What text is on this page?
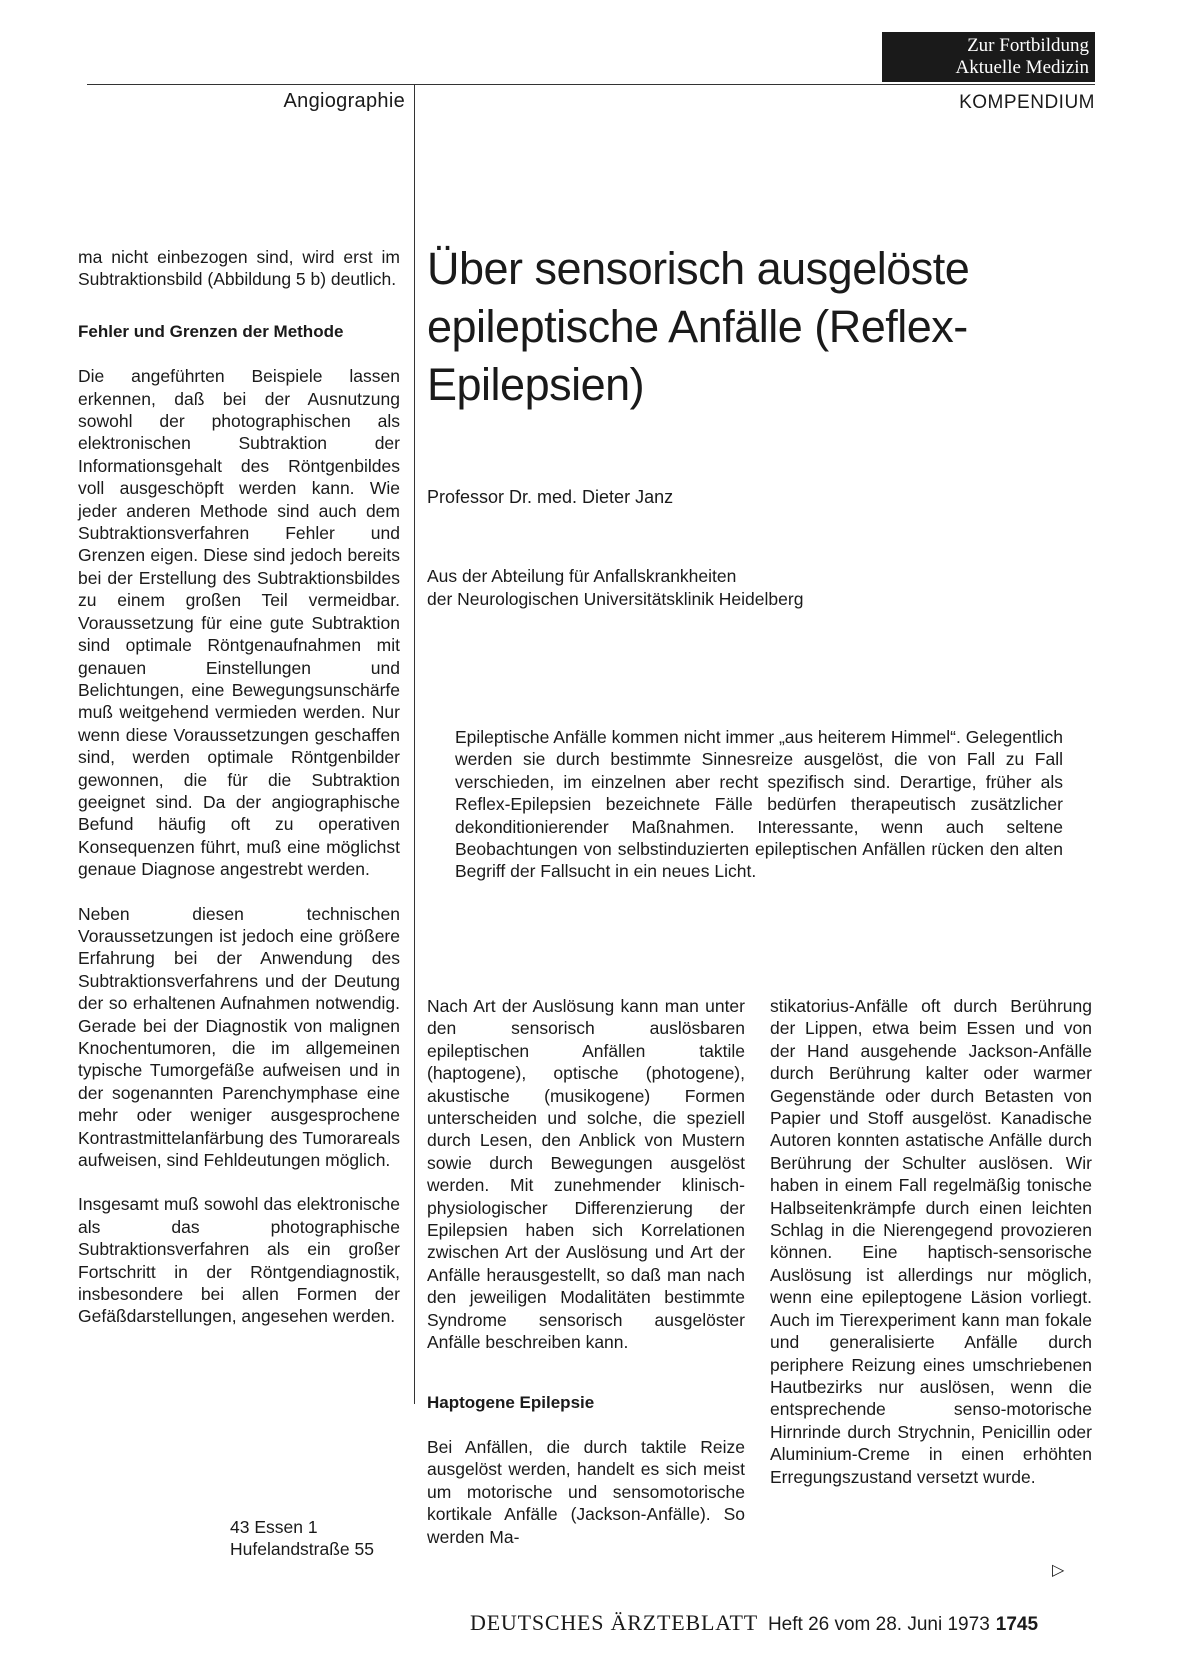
Zur Fortbildung
Aktuelle Medizin
Angiographie	KOMPENDIUM

ma nicht einbezogen sind, wird erst im Subtraktionsbild (Abbildung 5 b) deutlich.

Fehler und Grenzen der Methode

Die angeführten Beispiele lassen erkennen, daß bei der Ausnutzung sowohl der photographischen als elektronischen Subtraktion der Informationsgehalt des Röntgenbildes voll ausgeschöpft werden kann. Wie jeder anderen Methode sind auch dem Subtraktionsverfahren Fehler und Grenzen eigen. Diese sind jedoch bereits bei der Erstellung des Subtraktionsbildes zu einem großen Teil vermeidbar. Voraussetzung für eine gute Subtraktion sind optimale Röntgenaufnahmen mit genauen Einstellungen und Belichtungen, eine Bewegungsunschärfe muß weitgehend vermieden werden. Nur wenn diese Voraussetzungen geschaffen sind, werden optimale Röntgenbilder gewonnen, die für die Subtraktion geeignet sind. Da der angiographische Befund häufig oft zu operativen Konsequenzen führt, muß eine möglichst genaue Diagnose angestrebt werden.

Neben diesen technischen Voraussetzungen ist jedoch eine größere Erfahrung bei der Anwendung des Subtraktionsverfahrens und der Deutung der so erhaltenen Aufnahmen notwendig. Gerade bei der Diagnostik von malignen Knochentumoren, die im allgemeinen typische Tumorgefäße aufweisen und in der sogenannten Parenchymphase eine mehr oder weniger ausgesprochene Kontrastmittelanfärbung des Tumorareals aufweisen, sind Fehldeutungen möglich.

Insgesamt muß sowohl das elektronische als das photographische Subtraktionsverfahren als ein großer Fortschritt in der Röntgendiagnostik, insbesondere bei allen Formen der Gefäßdarstellungen, angesehen werden.

43 Essen 1
Hufelandstraße 55
Über sensorisch ausgelöste epileptische Anfälle (Reflex-Epilepsien)
Professor Dr. med. Dieter Janz
Aus der Abteilung für Anfallskrankheiten
der Neurologischen Universitätsklinik Heidelberg

Epileptische Anfälle kommen nicht immer „aus heiterem Himmel“. Gelegentlich werden sie durch bestimmte Sinnesreize ausgelöst, die von Fall zu Fall verschieden, im einzelnen aber recht spezifisch sind. Derartige, früher als Reflex-Epilepsien bezeichnete Fälle bedürfen therapeutisch zusätzlicher dekonditionierender Maßnahmen. Interessante, wenn auch seltene Beobachtungen von selbstinduzierten epileptischen Anfällen rücken den alten Begriff der Fallsucht in ein neues Licht.

Nach Art der Auslösung kann man unter den sensorisch auslösbaren epileptischen Anfällen taktile (haptogene), optische (photogene), akustische (musikogene) Formen unterscheiden und solche, die speziell durch Lesen, den Anblick von Mustern sowie durch Bewegungen ausgelöst werden. Mit zunehmender klinisch-physiologischer Differenzierung der Epilepsien haben sich Korrelationen zwischen Art der Auslösung und Art der Anfälle herausgestellt, so daß man nach den jeweiligen Modalitäten bestimmte Syndrome sensorisch ausgelöster Anfälle beschreiben kann.

Haptogene Epilepsie

Bei Anfällen, die durch taktile Reize ausgelöst werden, handelt es sich meist um motorische und sensomotorische kortikale Anfälle (Jackson-Anfälle). So werden Ma-

stikatorius-Anfälle oft durch Berührung der Lippen, etwa beim Essen und von der Hand ausgehende Jackson-Anfälle durch Berührung kalter oder warmer Gegenstände oder durch Betasten von Papier und Stoff ausgelöst. Kanadische Autoren konnten astatische Anfälle durch Berührung der Schulter auslösen. Wir haben in einem Fall regelmäßig tonische Halbseitenkrämpfe durch einen leichten Schlag in die Nierengegend provozieren können. Eine haptisch-sensorische Auslösung ist allerdings nur möglich, wenn eine epileptogene Läsion vorliegt. Auch im Tierexperiment kann man fokale und generalisierte Anfälle durch periphere Reizung eines umschriebenen Hautbezirks nur auslösen, wenn die entsprechende senso-motorische Hirnrinde durch Strychnin, Penicillin oder Aluminium-Creme in einen erhöhten Erregungszustand versetzt wurde.

▷
DEUTSCHES ÄRZTEBLATT Heft 26 vom 28. Juni 1973 1745
